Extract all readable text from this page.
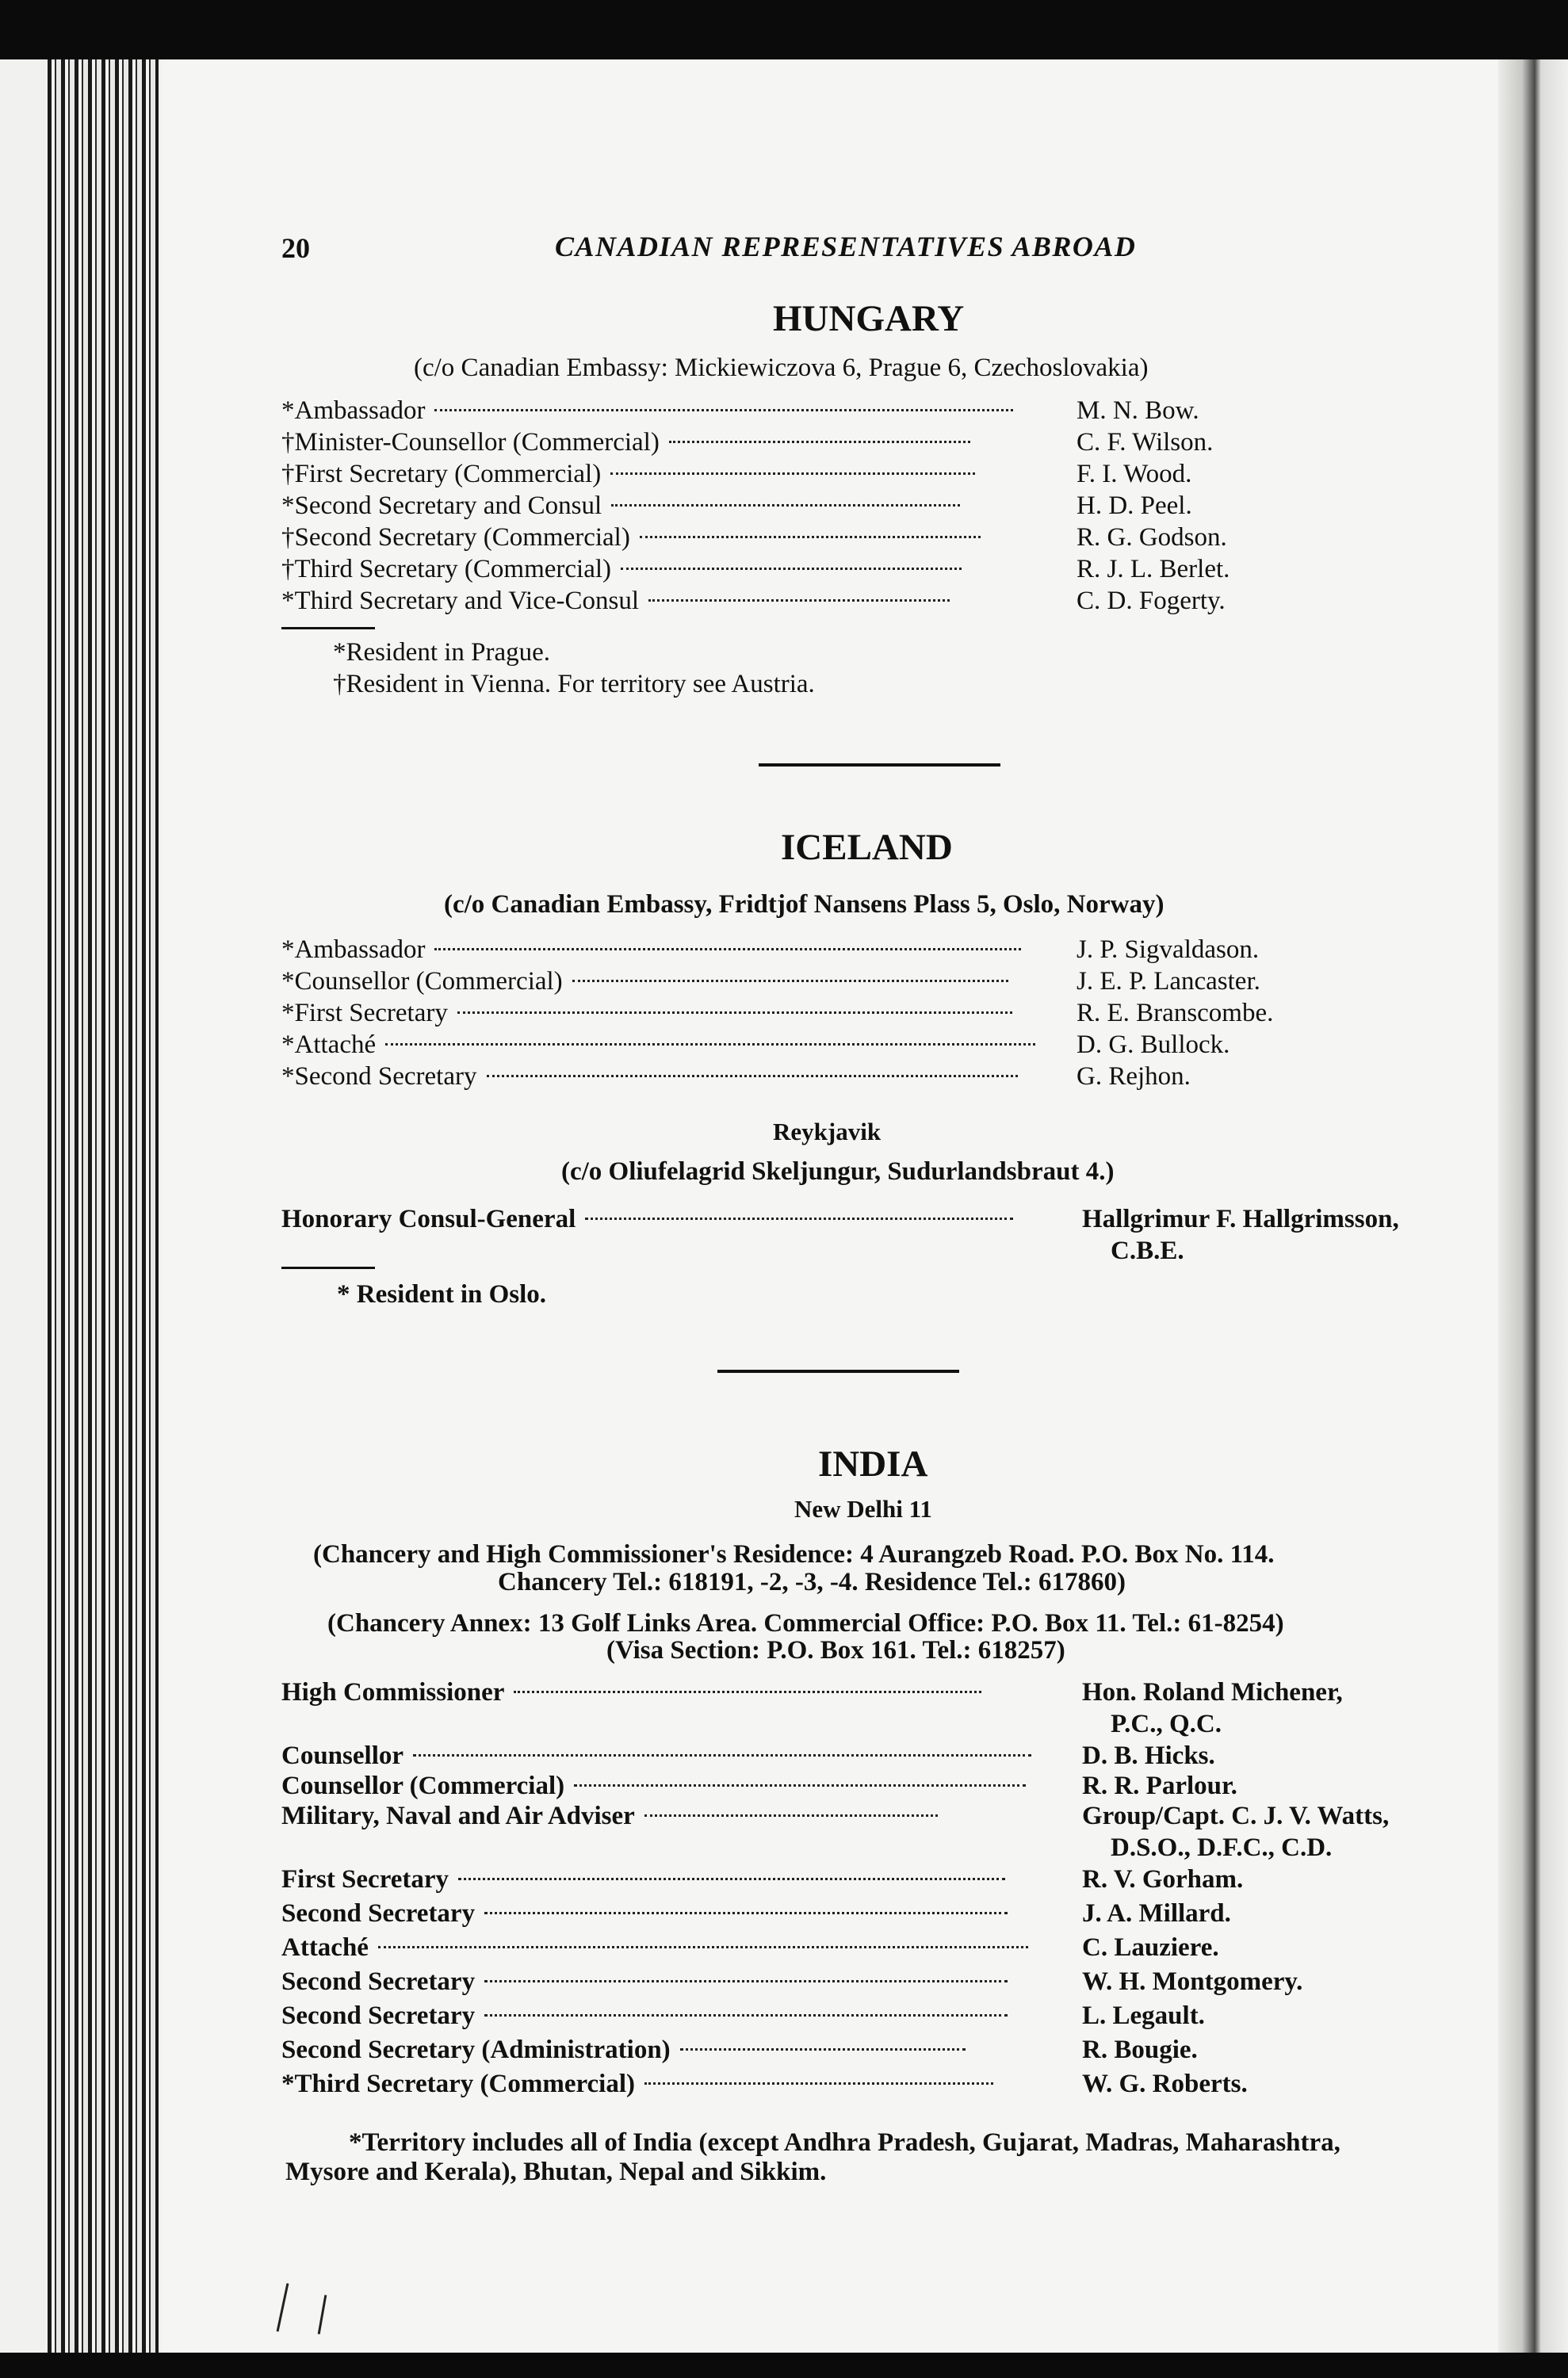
20	CANADIAN REPRESENTATIVES ABROAD
HUNGARY
(c/o Canadian Embassy: Mickiewiczova 6, Prague 6, Czechoslovakia)
*Ambassador	M. N. Bow.
†Minister-Counsellor (Commercial)	C. F. Wilson.
†First Secretary (Commercial)	F. I. Wood.
*Second Secretary and Consul	H. D. Peel.
†Second Secretary (Commercial)	R. G. Godson.
†Third Secretary (Commercial)	R. J. L. Berlet.
*Third Secretary and Vice-Consul	C. D. Fogerty.
*Resident in Prague.
†Resident in Vienna. For territory see Austria.
ICELAND
(c/o Canadian Embassy, Fridtjof Nansens Plass 5, Oslo, Norway)
*Ambassador	J. P. Sigvaldason.
*Counsellor (Commercial)	J. E. P. Lancaster.
*First Secretary	R. E. Branscombe.
*Attaché	D. G. Bullock.
*Second Secretary	G. Rejhon.
Reykjavik
(c/o Oliufelagrid Skeljungur, Sudurlandsbraut 4.)
Honorary Consul-General	Hallgrimur F. Hallgrimsson,
C.B.E.
* Resident in Oslo.
INDIA
New Delhi 11
(Chancery and High Commissioner's Residence: 4 Aurangzeb Road. P.O. Box No. 114.
Chancery Tel.: 618191, -2, -3, -4. Residence Tel.: 617860)
(Chancery Annex: 13 Golf Links Area. Commercial Office: P.O. Box 11. Tel.: 61-8254)
(Visa Section: P.O. Box 161. Tel.: 618257)
High Commissioner	Hon. Roland Michener,
P.C., Q.C.
Counsellor	D. B. Hicks.
Counsellor (Commercial)	R. R. Parlour.
Military, Naval and Air Adviser	Group/Capt. C. J. V. Watts,
D.S.O., D.F.C., C.D.
First Secretary	R. V. Gorham.
Second Secretary	J. A. Millard.
Attaché	C. Lauziere.
Second Secretary	W. H. Montgomery.
Second Secretary	L. Legault.
Second Secretary (Administration)	R. Bougie.
*Third Secretary (Commercial)	W. G. Roberts.
*Territory includes all of India (except Andhra Pradesh, Gujarat, Madras, Maharashtra,
Mysore and Kerala), Bhutan, Nepal and Sikkim.
